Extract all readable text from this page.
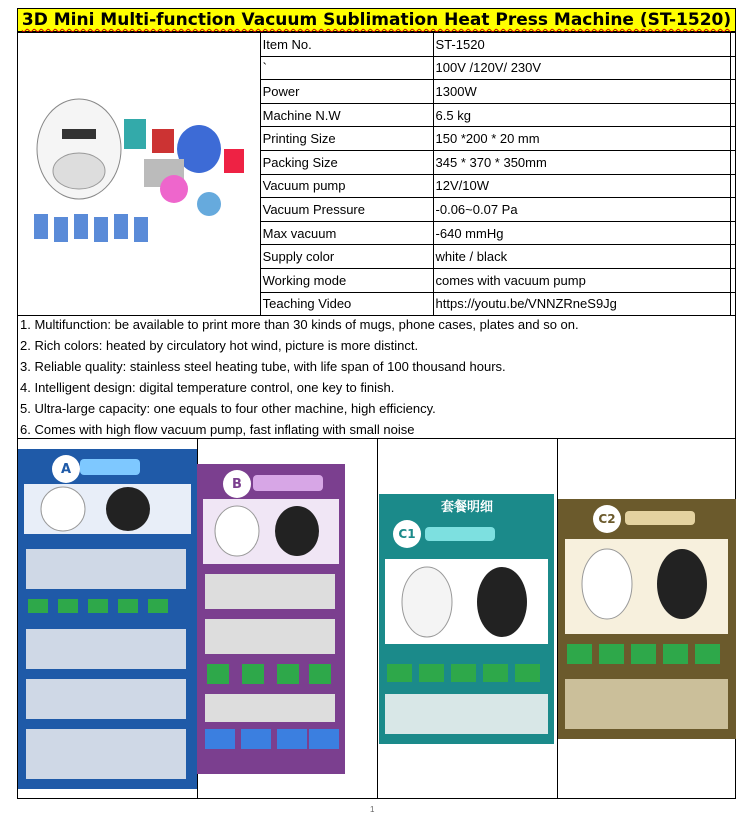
3D Mini Multi-function Vacuum Sublimation Heat Press Machine (ST-1520)
	Item No.	ST-1520	
	`	100V /120V/ 230V	
	Power	1300W	
	Machine N.W	6.5 kg	
	Printing Size	150 *200 * 20 mm	
	Packing Size	345 * 370 * 350mm	
	Vacuum pump	12V/10W	
	Vacuum Pressure	-0.06~0.07 Pa	
	Max vacuum	-640 mmHg	
	Supply color	white / black	
	Working mode	comes with vacuum pump	
	Teaching Video	https://youtu.be/VNNZRneS9Jg	
1. Multifunction: be available to print more than 30 kinds of mugs, phone cases, plates and so on.
2. Rich colors: heated by circulatory hot wind, picture is more distinct.
3. Reliable quality: stainless steel heating tube, with life span of 100 thousand hours.
4. Intelligent design: digital temperature control, one key to finish.
5. Ultra-large capacity: one equals to four other machine, high efficiency.
6. Comes with high flow vacuum pump, fast inflating with small noise
A
B
套餐明细
C1
C2
1
